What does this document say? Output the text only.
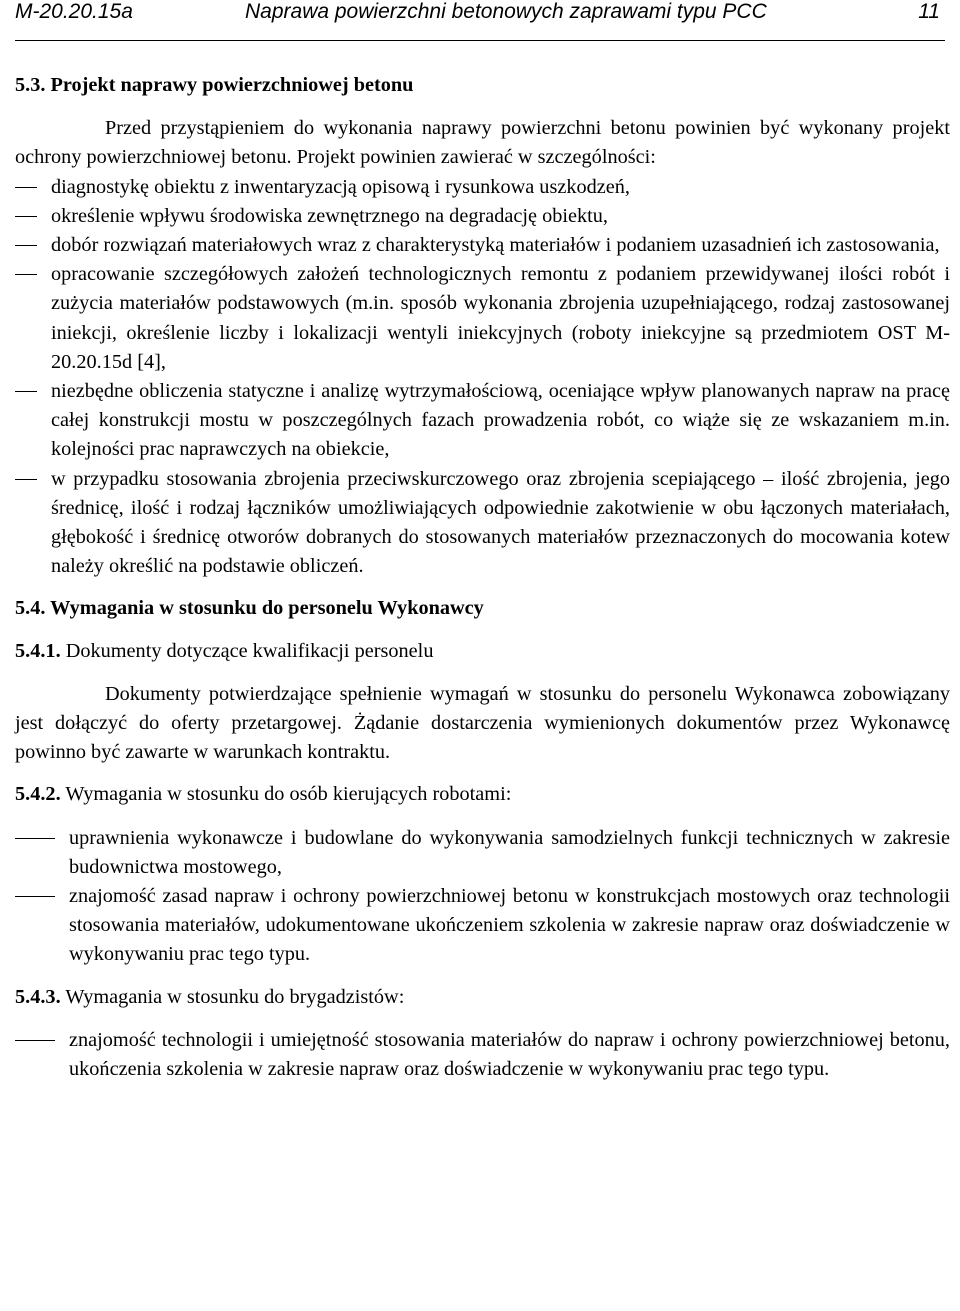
M-20.20.15a	Naprawa powierzchni betonowych zaprawami typu PCC	11

5.3. Projekt naprawy powierzchniowej betonu

Przed przystąpieniem do wykonania naprawy powierzchni betonu powinien być wykonany projekt ochrony powierzchniowej betonu. Projekt powinien zawierać w szczególności:

diagnostykę obiektu z inwentaryzacją opisową i rysunkowa uszkodzeń,
określenie wpływu środowiska zewnętrznego na degradację obiektu,
dobór rozwiązań materiałowych wraz z charakterystyką materiałów i podaniem uzasadnień ich zastosowania,
opracowanie szczegółowych założeń technologicznych remontu z podaniem przewidywanej ilości robót i zużycia materiałów podstawowych (m.in. sposób wykonania zbrojenia uzupełniającego, rodzaj zastosowanej iniekcji, określenie liczby i lokalizacji wentyli iniekcyjnych (roboty iniekcyjne są przedmiotem OST M-20.20.15d [4],
niezbędne obliczenia statyczne i analizę wytrzymałościową, oceniające wpływ planowanych napraw na pracę całej konstrukcji mostu w poszczególnych fazach prowadzenia robót, co wiąże się ze wskazaniem m.in. kolejności prac naprawczych na obiekcie,
w przypadku stosowania zbrojenia przeciwskurczowego oraz zbrojenia scepiającego – ilość zbrojenia, jego średnicę, ilość i rodzaj łączników umożliwiających odpowiednie zakotwienie w obu łączonych materiałach, głębokość i średnicę otworów dobranych do stosowanych materiałów przeznaczonych do mocowania kotew należy określić na podstawie obliczeń.

5.4. Wymagania w stosunku do personelu Wykonawcy

5.4.1. Dokumenty dotyczące kwalifikacji personelu

Dokumenty potwierdzające spełnienie wymagań w stosunku do personelu Wykonawca zobowiązany jest dołączyć do oferty przetargowej. Żądanie dostarczenia wymienionych dokumentów przez Wykonawcę powinno być zawarte w warunkach kontraktu.

5.4.2. Wymagania w stosunku do osób kierujących robotami:

uprawnienia wykonawcze i budowlane do wykonywania samodzielnych funkcji technicznych w zakresie budownictwa mostowego,
znajomość zasad napraw i ochrony powierzchniowej betonu w konstrukcjach mostowych oraz technologii stosowania materiałów, udokumentowane ukończeniem szkolenia w zakresie napraw oraz doświadczenie w wykonywaniu prac tego typu.

5.4.3. Wymagania w stosunku do brygadzistów:

znajomość technologii i umiejętność stosowania materiałów do napraw i ochrony powierzchniowej betonu, ukończenia szkolenia w zakresie napraw oraz doświadczenie w wykonywaniu prac tego typu.
